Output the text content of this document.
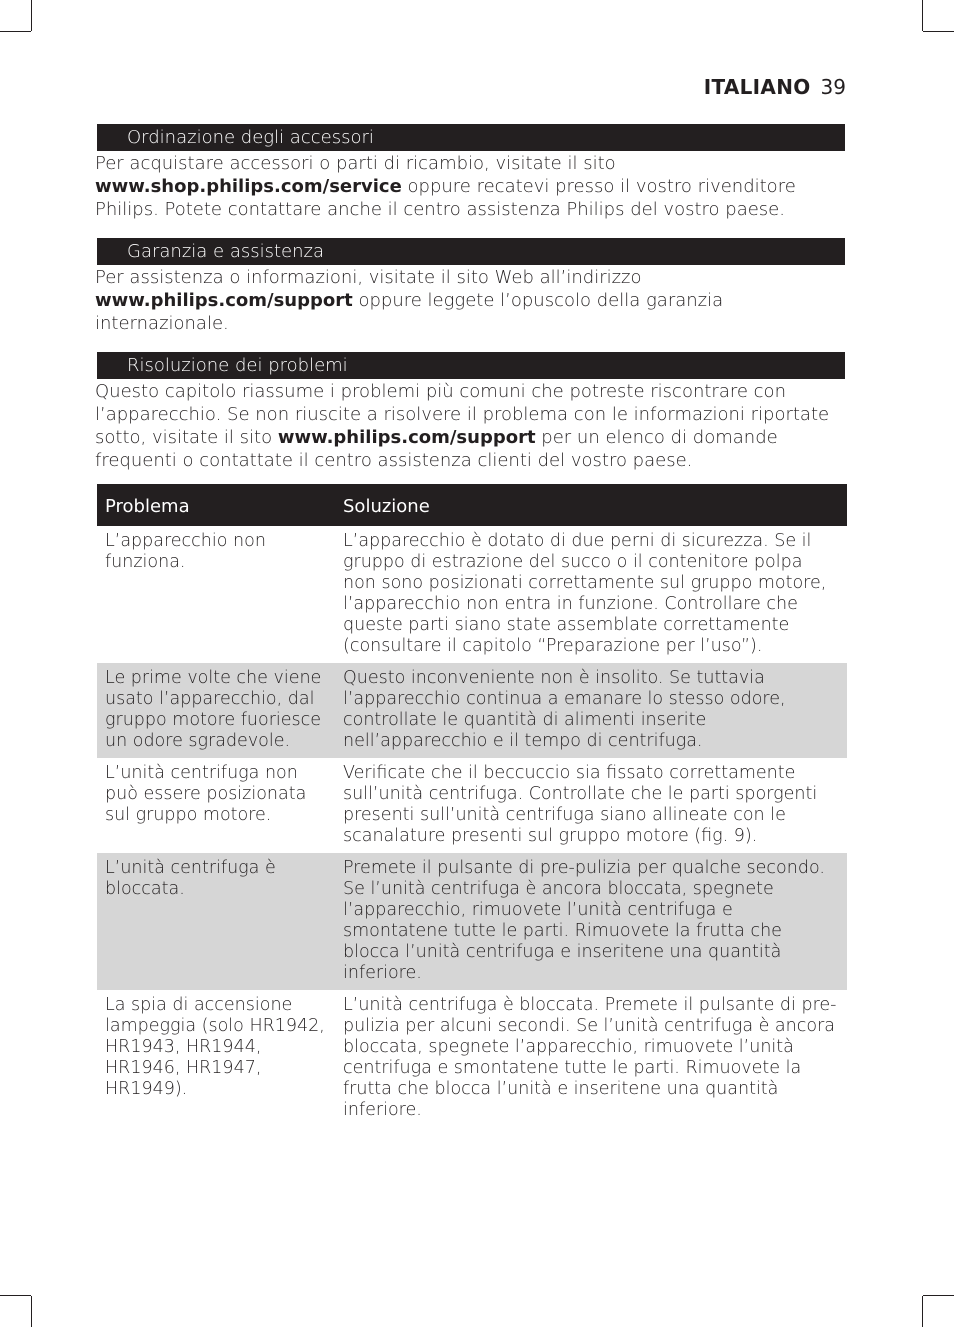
ITALIANO 39
Ordinazione degli accessori

Per acquistare accessori o parti di ricambio, visitate il sito
www.shop.philips.com/service oppure recatevi presso il vostro rivenditore Philips. Potete contattare anche il centro assistenza Philips del vostro paese.

Garanzia e assistenza

Per assistenza o informazioni, visitate il sito Web all’indirizzo
www.philips.com/support oppure leggete l’opuscolo della garanzia internazionale.

Risoluzione dei problemi

Questo capitolo riassume i problemi più comuni che potreste riscontrare con l’apparecchio. Se non riuscite a risolvere il problema con le informazioni riportate sotto, visitate il sito www.philips.com/support per un elenco di domande frequenti o contattate il centro assistenza clienti del vostro paese.

Problema	Soluzione
L’apparecchio non funziona.	L’apparecchio è dotato di due perni di sicurezza. Se il gruppo di estrazione del succo o il contenitore polpa non sono posizionati correttamente sul gruppo motore, l’apparecchio non entra in funzione. Controllare che queste parti siano state assemblate correttamente (consultare il capitolo “Preparazione per l’uso”).
Le prime volte che viene usato l’apparecchio, dal gruppo motore fuoriesce un odore sgradevole.	Questo inconveniente non è insolito. Se tuttavia l’apparecchio continua a emanare lo stesso odore, controllate le quantità di alimenti inserite nell’apparecchio e il tempo di centrifuga.
L’unità centrifuga non può essere posizionata sul gruppo motore.	Verificate che il beccuccio sia fissato correttamente sull’unità centrifuga. Controllate che le parti sporgenti presenti sull’unità centrifuga siano allineate con le scanalature presenti sul gruppo motore (fig. 9).
L’unità centrifuga è bloccata.	Premete il pulsante di pre-pulizia per qualche secondo. Se l’unità centrifuga è ancora bloccata, spegnete l’apparecchio, rimuovete l’unità centrifuga e smontatene tutte le parti. Rimuovete la frutta che blocca l’unità centrifuga e inseritene una quantità inferiore.
La spia di accensione lampeggia (solo HR1942, HR1943, HR1944, HR1946, HR1947, HR1949).	L’unità centrifuga è bloccata. Premete il pulsante di pre-pulizia per alcuni secondi. Se l’unità centrifuga è ancora bloccata, spegnete l’apparecchio, rimuovete l’unità centrifuga e smontatene tutte le parti. Rimuovete la frutta che blocca l’unità e inseritene una quantità inferiore.
